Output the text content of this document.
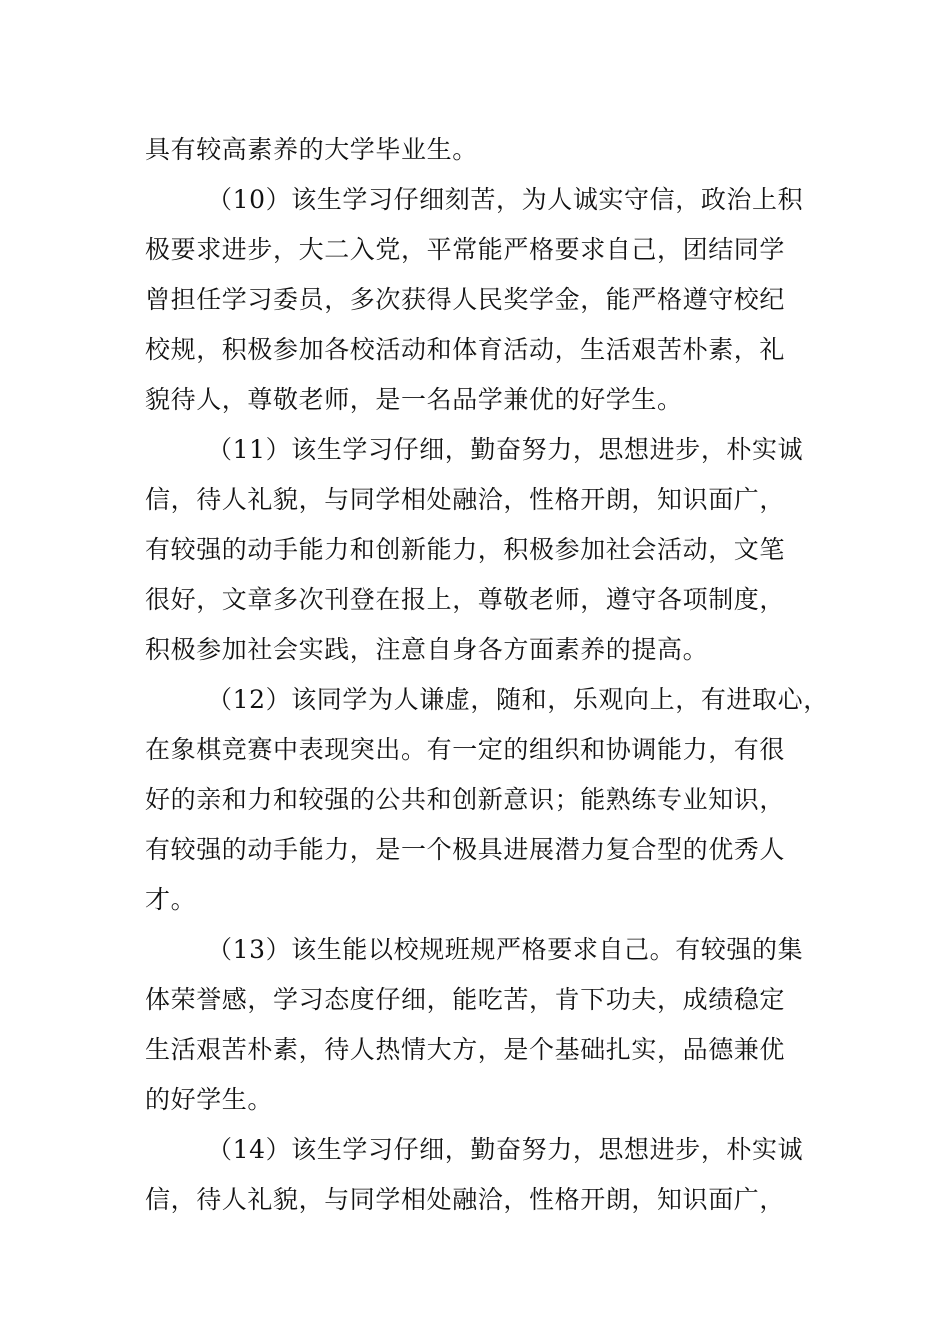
具有较高素养的大学毕业生。
（10）该生学习仔细刻苦，为人诚实守信，政治上积
极要求进步，大二入党，平常能严格要求自己，团结同学
曾担任学习委员，多次获得人民奖学金，能严格遵守校纪
校规，积极参加各校活动和体育活动，生活艰苦朴素，礼
貌待人，尊敬老师，是一名品学兼优的好学生。
（11）该生学习仔细，勤奋努力，思想进步，朴实诚
信，待人礼貌，与同学相处融洽，性格开朗，知识面广，
有较强的动手能力和创新能力，积极参加社会活动，文笔
很好，文章多次刊登在报上，尊敬老师，遵守各项制度，
积极参加社会实践，注意自身各方面素养的提高。
（12）该同学为人谦虚，随和，乐观向上，有进取心，
在象棋竞赛中表现突出。有一定的组织和协调能力，有很
好的亲和力和较强的公共和创新意识；能熟练专业知识，
有较强的动手能力，是一个极具进展潜力复合型的优秀人
才。
（13）该生能以校规班规严格要求自己。有较强的集
体荣誉感，学习态度仔细，能吃苦，肯下功夫，成绩稳定
生活艰苦朴素，待人热情大方，是个基础扎实，品德兼优
的好学生。
（14）该生学习仔细，勤奋努力，思想进步，朴实诚
信，待人礼貌，与同学相处融洽，性格开朗，知识面广，
